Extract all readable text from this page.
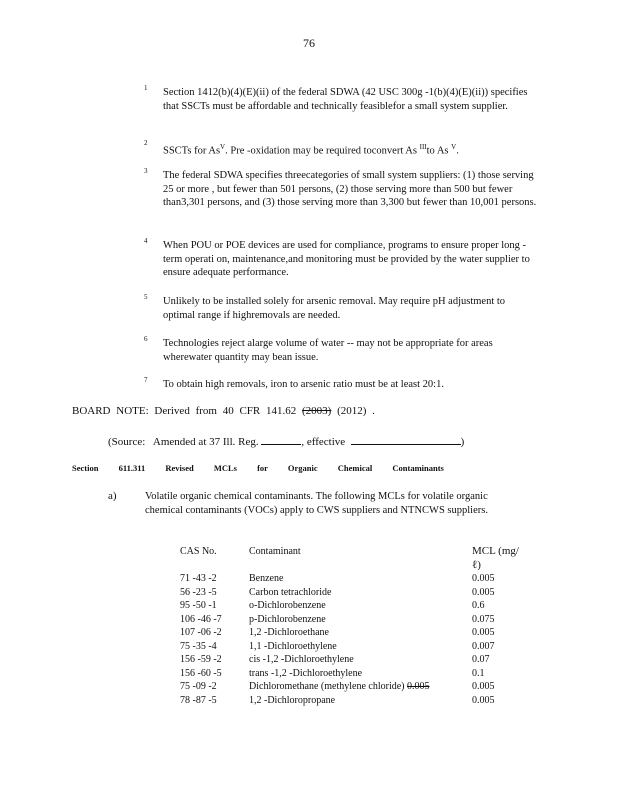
76
1 Section 1412(b)(4)(E)(ii) of the federal SDWA (42 USC 300g -1(b)(4)(E)(ii)) specifies that SSCTs must be affordable and technically feasiblefor a small system supplier.
2
SSCTs for $As^V$. Pre -oxidation may be required toconvert As $^{III}$to As $^V$.
3 The federal SDWA specifies threecategories of small system suppliers: (1) those serving 25 or more , but fewer than 501 persons, (2) those serving more than 500 but fewer than3,301 persons, and (3) those serving more than 3,300 but fewer than 10,001 persons.
4 When POU or POE devices are used for compliance, programs to ensure proper long -term operati on, maintenance,and monitoring must be provided by the water supplier to ensure adequate performance.
5 Unlikely to be installed solely for arsenic removal. May require pH adjustment to optimal range if highremovals are needed.
6 Technologies reject alarge volume of water -- may not be appropriate for areas wherewater quantity may bean issue.
7 To obtain high removals, iron to arsenic ratio must be at least 20:1.
BOARD NOTE: Derived from 40 CFR 141.62 (2003) (2012) .
(Source: Amended at 37 Ill. Reg.	, effective	)
Section 611.311 Revised MCLs for Organic Chemical Contaminants
a)	Volatile organic chemical contaminants. The following MCLs for volatile organic chemical contaminants (VOCs) apply to CWS suppliers and NTNCWS suppliers.
CAS No.	Contaminant	MCL (mg/ℓ)
71 -43 -2	Benzene	0.005
56 -23 -5	Carbon tetrachloride	0.005
95 -50 -1	o-Dichlorobenzene	0.6
106 -46 -7	p-Dichlorobenzene	0.075
107 -06 -2	1,2 -Dichloroethane	0.005
75 -35 -4	1,1 -Dichloroethylene	0.007
156 -59 -2	cis -1,2 -Dichloroethylene	0.07
156 -60 -5	trans -1,2 -Dichloroethylene	0.1
75 -09 -2	Dichloromethane (methylene chloride) 0.005	0.005
78 -87 -5	1,2 -Dichloropropane	0.005
